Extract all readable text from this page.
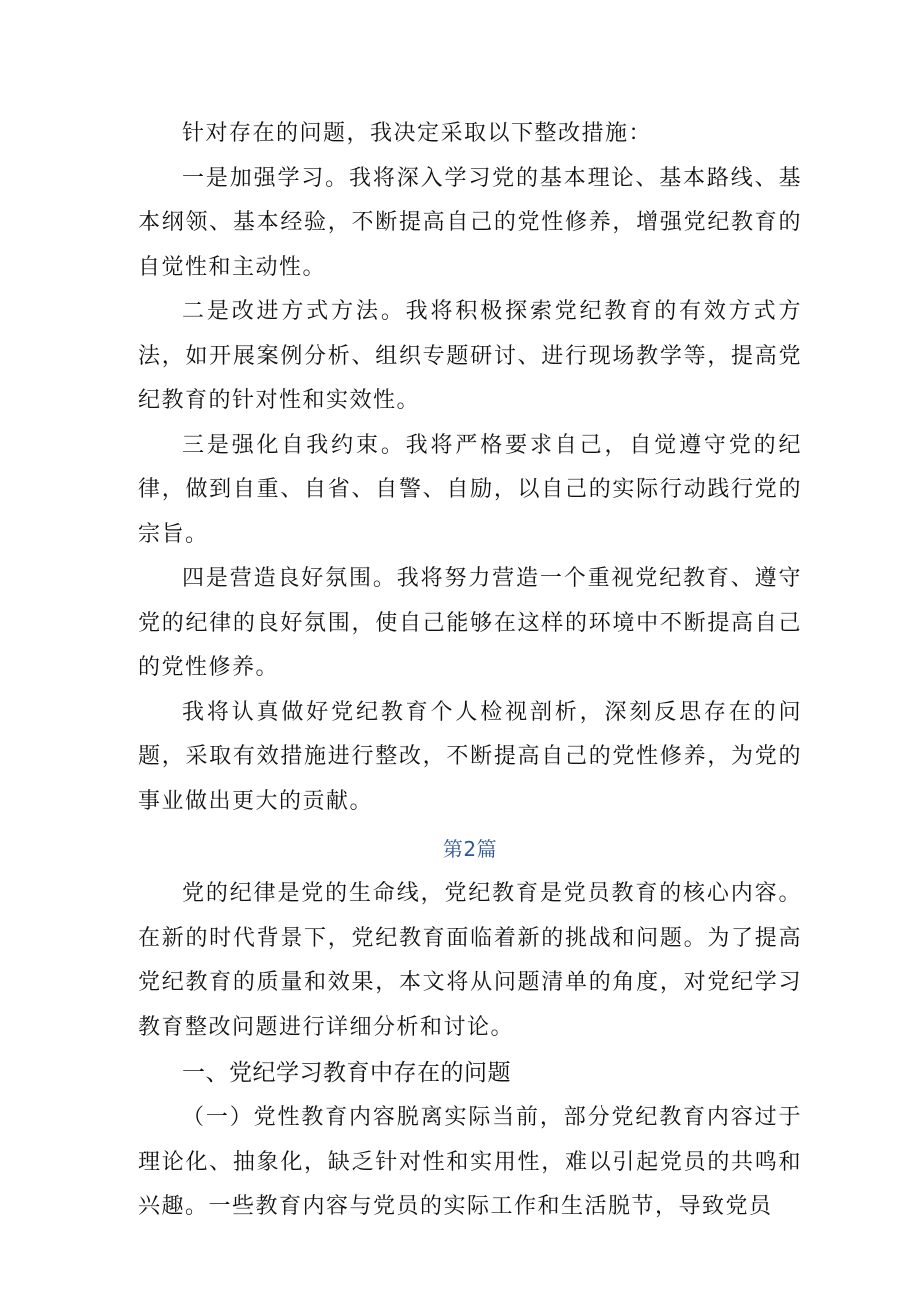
针对存在的问题，我决定采取以下整改措施：

一是加强学习。我将深入学习党的基本理论、基本路线、基本纲领、基本经验，不断提高自己的党性修养，增强党纪教育的自觉性和主动性。

二是改进方式方法。我将积极探索党纪教育的有效方式方法，如开展案例分析、组织专题研讨、进行现场教学等，提高党纪教育的针对性和实效性。

三是强化自我约束。我将严格要求自己，自觉遵守党的纪律，做到自重、自省、自警、自励，以自己的实际行动践行党的宗旨。

四是营造良好氛围。我将努力营造一个重视党纪教育、遵守党的纪律的良好氛围，使自己能够在这样的环境中不断提高自己的党性修养。

我将认真做好党纪教育个人检视剖析，深刻反思存在的问题，采取有效措施进行整改，不断提高自己的党性修养，为党的事业做出更大的贡献。

第2篇

党的纪律是党的生命线，党纪教育是党员教育的核心内容。在新的时代背景下，党纪教育面临着新的挑战和问题。为了提高党纪教育的质量和效果，本文将从问题清单的角度，对党纪学习教育整改问题进行详细分析和讨论。

一、党纪学习教育中存在的问题

（一）党性教育内容脱离实际当前，部分党纪教育内容过于理论化、抽象化，缺乏针对性和实用性，难以引起党员的共鸣和兴趣。一些教育内容与党员的实际工作和生活脱节，导致党员
